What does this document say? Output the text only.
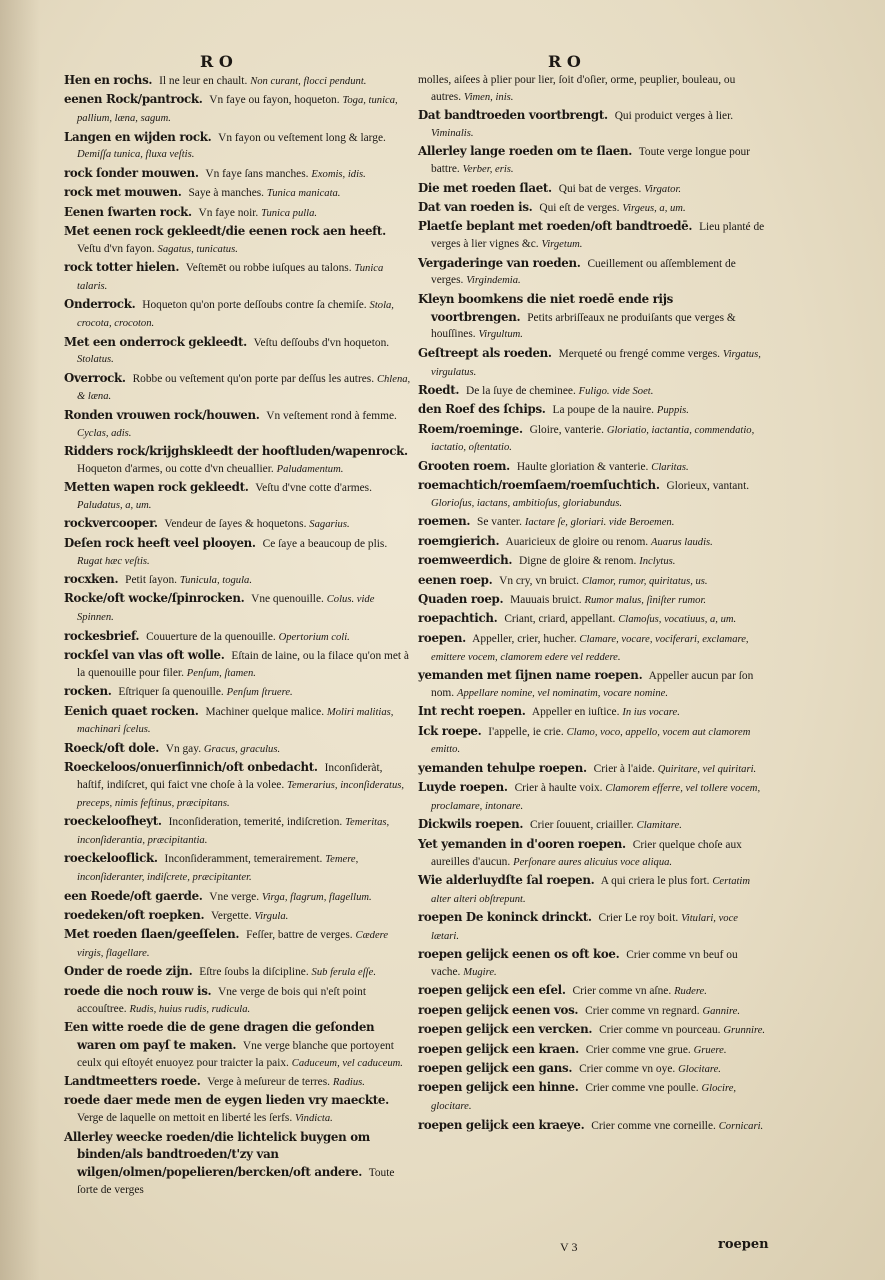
R O	R O
Hen en rochs. Il ne leur en chault. Non curant, flocci pendunt.
eenen Rock/pantrock. Vn faye ou fayon, hoqueton. Toga, tunica, pallium, læna, sagum.
Langen en wijden rock. Vn fayon ou veſtement long & large. Demiſſa tunica, fluxa veſtis.
rock ſonder mouwen. Vn faye ſans manches. Exomis, idis.
rock met mouwen. Saye à manches. Tunica manicata.
Eenen ſwarten rock. Vn faye noir. Tunica pulla.
Met eenen rock gekleedt/die eenen rock aen heeft. Veſtu d'vn fayon. Sagatus, tunicatus.
rock totter hielen. Veſtemēt ou robbe iuſques au talons. Tunica talaris.
Onderrock. Hoqueton qu'on porte deſſoubs contre ſa chemiſe. Stola, crocota, crocoton.
Met een onderrock gekleedt. Veſtu deſſoubs d'vn hoqueton. Stolatus.
Overrock. Robbe ou veſtement qu'on porte par deſſus les autres. Chlena, & læna.
Ronden vrouwen rock/houwen. Vn veſtement rond à femme. Cyclas, adis.
Ridders rock/krijghskleedt der hooftluden/wapenrock. Hoqueton d'armes, ou cotte d'vn cheuallier. Paludamentum.
Metten wapen rock gekleedt. Veſtu d'vne cotte d'armes. Paludatus, a, um.
rockvercooper. Vendeur de ſayes & hoquetons. Sagarius.
Deſen rock heeft veel plooyen. Ce ſaye a beaucoup de plis. Rugat hæc veſtis.
rocxken. Petit ſayon. Tunicula, togula.
Rocke/oft wocke/ſpinrocken. Vne quenouille. Colus. vide Spinnen.
rockesbrief. Couuerture de la quenouille. Opertorium coli.
rockſel van vlas oft wolle. Eſtain de laine, ou la filace qu'on met à la quenouille pour filer. Penſum, ſtamen.
rocken. Eſtriquer ſa quenouille. Penſum ſtruere.
Eenich quaet rocken. Machiner quelque malice. Moliri malitias, machinari ſcelus.
Roeck/oft dole. Vn gay. Gracus, graculus.
Roeckeloos/onuerſinnich/oft onbedacht. Inconſideràt, haſtif, indiſcret, qui faict vne choſe à la volee. Temerarius, inconſideratus, preceps, nimis feſtinus, præcipitans.
roeckeloofheyt. Inconſideration, temerité, indiſcretion. Temeritas, inconſiderantia, præcipitantia.
roeckelooflick. Inconſideramment, temerairement. Temere, inconſideranter, indiſcrete, præcipitanter.
een Roede/oft gaerde. Vne verge. Virga, flagrum, flagellum.
roedeken/oft roepken. Vergette. Virgula.
Met roeden ſlaen/geeſſelen. Feſſer, battre de verges. Cædere virgis, flagellare.
Onder de roede zijn. Eſtre ſoubs la diſcipline. Sub ferula eſſe.
roede die noch rouw is. Vne verge de bois qui n'eſt point accouſtree. Rudis, huius rudis, rudicula.
Een witte roede die de gene dragen die geſonden waren om payſ te maken. Vne verge blanche que portoyent ceulx qui eſtoyét enuoyez pour traicter la paix. Caduceum, vel caduceum.
Landtmeetters roede. Verge à meſureur de terres. Radius.
roede daer mede men de eygen lieden vry maeckte. Verge de laquelle on mettoit en liberté les ſerfs. Vindicta.
Allerley weecke roeden/die lichtelick buygen om binden/als bandtroeden/t'zy van wilgen/olmen/popelieren/bercken/oft andere. Toute ſorte de verges
molles, aiſees à plier pour lier, ſoit d'oſier, orme, peuplier, bouleau, ou autres. Vimen, inis.
Dat bandtroeden voortbrengt. Qui produict verges à lier. Viminalis.
Allerley lange roeden om te ſlaen. Toute verge longue pour battre. Verber, eris.
Die met roeden ſlaet. Qui bat de verges. Virgator.
Dat van roeden is. Qui eſt de verges. Virgeus, a, um.
Plaetſe beplant met roeden/oft bandtroedē. Lieu planté de verges à lier vignes &c. Virgetum.
Vergaderinge van roeden. Cueillement ou aſſemblement de verges. Virgindemia.
Kleyn boomkens die niet roedē ende rijs voortbrengen. Petits arbriſſeaux ne produiſants que verges & houſſines. Virgultum.
Geſtreept als roeden. Merqueté ou frengé comme verges. Virgatus, virgulatus.
Roedt. De la ſuye de cheminee. Fuligo. vide Soet.
den Roef des ſchips. La poupe de la nauire. Puppis.
Roem/roeminge. Gloire, vanterie. Gloriatio, iactantia, commendatio, iactatio, oſtentatio.
Grooten roem. Haulte gloriation & vanterie. Claritas.
roemachtich/roemſaem/roemſuchtich. Glorieux, vantant. Glorioſus, iactans, ambitioſus, gloriabundus.
roemen. Se vanter. Iactare ſe, gloriari. vide Beroemen.
roemgierich. Auaricieux de gloire ou renom. Auarus laudis.
roemweerdich. Digne de gloire & renom. Inclytus.
eenen roep. Vn cry, vn bruict. Clamor, rumor, quiritatus, us.
Quaden roep. Mauuais bruict. Rumor malus, ſiniſter rumor.
roepachtich. Criant, criard, appellant. Clamoſus, vocatiuus, a, um.
roepen. Appeller, crier, hucher. Clamare, vocare, vociferari, exclamare, emittere vocem, clamorem edere vel reddere.
yemanden met ſijnen name roepen. Appeller aucun par ſon nom. Appellare nomine, vel nominatim, vocare nomine.
Int recht roepen. Appeller en iuſtice. In ius vocare.
Ick roepe. I'appelle, ie crie. Clamo, voco, appello, vocem aut clamorem emitto.
yemanden tehulpe roepen. Crier à l'aide. Quiritare, vel quiritari.
Luyde roepen. Crier à haulte voix. Clamorem efferre, vel tollere vocem, proclamare, intonare.
Dickwils roepen. Crier ſouuent, criailler. Clamitare.
Yet yemanden in d'ooren roepen. Crier quelque choſe aux aureilles d'aucun. Perſonare aures alicuius voce aliqua.
Wie alderluydſte ſal roepen. A qui criera le plus fort. Certatim alter alteri obſtrepunt.
roepen De koninck drinckt. Crier Le roy boit. Vitulari, voce lætari.
roepen gelijck eenen os oft koe. Crier comme vn beuf ou vache. Mugire.
roepen gelijck een eſel. Crier comme vn aſne. Rudere.
roepen gelijck eenen vos. Crier comme vn regnard. Gannire.
roepen gelijck een vercken. Crier comme vn pourceau. Grunnire.
roepen gelijck een kraen. Crier comme vne grue. Gruere.
roepen gelijck een gans. Crier comme vn oye. Glocitare.
roepen gelijck een hinne. Crier comme vne poulle. Glocire, glocitare.
roepen gelijck een kraeye. Crier comme vne corneille. Cornicari.
V 3	roepen
